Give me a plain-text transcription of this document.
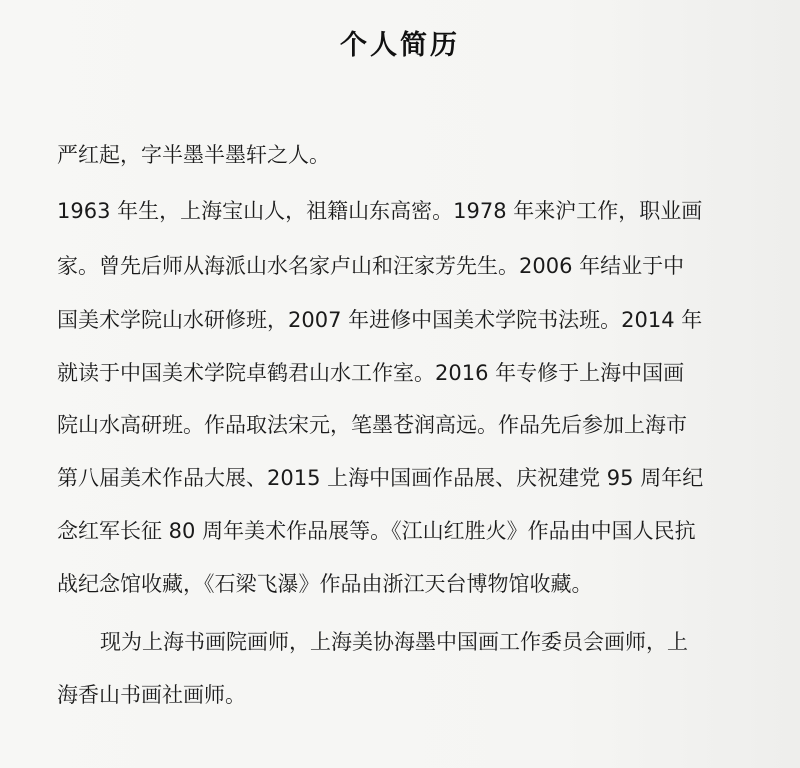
个人简历
严红起，字半墨半墨轩之人。
1963 年生，上海宝山人，祖籍山东高密。1978 年来沪工作，职业画
家。曾先后师从海派山水名家卢山和汪家芳先生。2006 年结业于中
国美术学院山水研修班，2007 年进修中国美术学院书法班。2014 年
就读于中国美术学院卓鹤君山水工作室。2016 年专修于上海中国画
院山水高研班。作品取法宋元，笔墨苍润高远。作品先后参加上海市
第八届美术作品大展、2015 上海中国画作品展、庆祝建党 95 周年纪
念红军长征 80 周年美术作品展等。《江山红胜火》作品由中国人民抗
战纪念馆收藏，《石梁飞瀑》作品由浙江天台博物馆收藏。
现为上海书画院画师，上海美协海墨中国画工作委员会画师，上
海香山书画社画师。
